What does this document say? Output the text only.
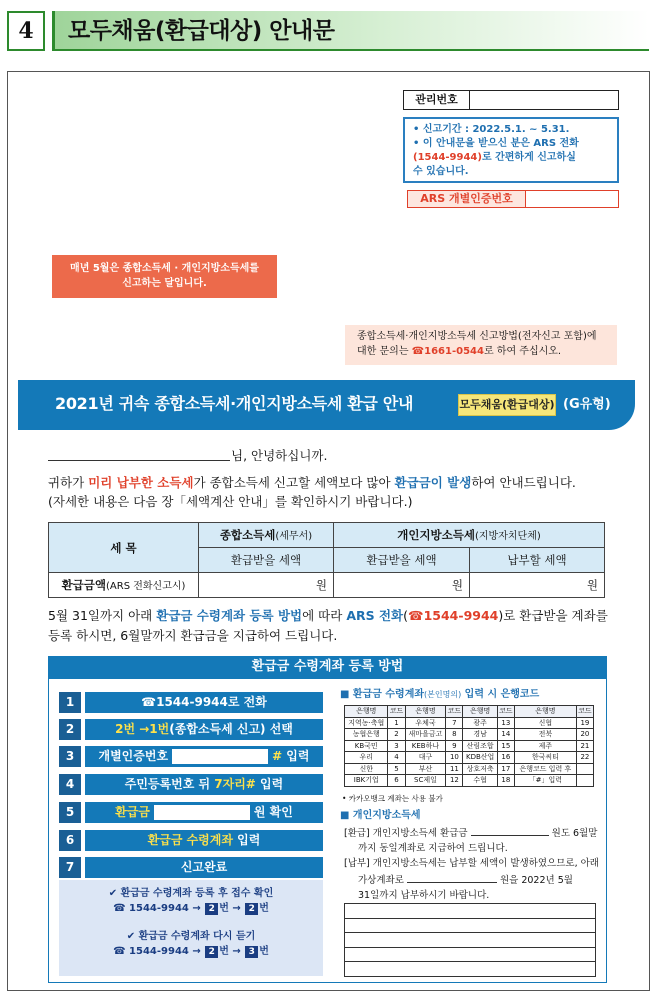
4	모두채움(환급대상) 안내문
관리번호
• 신고기간 : 2022.5.1. ~ 5.31.
• 이 안내문을 받으신 분은 ARS 전화
(1544-9944)로 간편하게 신고하실
수 있습니다.
ARS 개별인증번호
매년 5월은 종합소득세 · 개인지방소득세를
신고하는 달입니다.
종합소득세·개인지방소득세 신고방법(전자신고 포함)에
대한 문의는 ☎1661-0544로 하여 주십시오.
2021년 귀속 종합소득세·개인지방소득세 환급 안내	모두채움(환급대상) (G유형)
님, 안녕하십니까.
귀하가 미리 납부한 소득세가 종합소득세 신고할 세액보다 많아 환급금이 발생하여 안내드립니다.
(자세한 내용은 다음 장「세액계산 안내」를 확인하시기 바랍니다.)
세 목	종합소득세(세무서)	개인지방소득세(지방자치단체)	
	환급받을 세액	환급받을 세액	납부할 세액
환급금액(ARS 전화신고시)	원	원	원
5월 31일까지 아래 환급금 수령계좌 등록 방법에 따라 ARS 전화(☎1544-9944)로 환급받을 계좌를
등록 하시면, 6월말까지 환급금을 지급하여 드립니다.
환급금 수령계좌 등록 방법
1	☎1544-9944로 전화
2	2번 →1번(종합소득세 신고) 선택
3	개별인증번호	# 입력
4	주민등록번호 뒤 7자리# 입력
5	환급금	원 확인
6	환급금 수령계좌 입력
7	신고완료
✔ 환급금 수령계좌 등록 후 접수 확인
☎ 1544-9944 → 2 번 → 2 번
✔ 환급금 수령계좌 다시 듣기
☎ 1544-9944 → 2 번 → 3 번
■ 환급금 수령계좌(본인명의) 입력 시 은행코드
은행명	코드	은행명	코드	은행명	코드	은행명	코드
지역농·축협	1	우체국	7	광주	13	신협	19
농협은행	2	새마을금고	8	경남	14	전북	20
KB국민	3	KEB하나	9	산림조합	15	제주	21
우리	4	대구	10	KDB산업	16	한국씨티	22
신한	5	부산	11	상호저축	17	은행코드 입력 후	
IBK기업	6	SC제일	12	수협	18	「#」입력	
• 카카오뱅크 계좌는 사용 불가
■ 개인지방소득세
[환급] 개인지방소득세 환급금	원도 6월말
까지 동일계좌로 지급하여 드립니다.
[납부] 개인지방소득세는 납부할 세액이 발생하였으므로, 아래
가상계좌로	원을 2022년 5월
31일까지 납부하시기 바랍니다.
